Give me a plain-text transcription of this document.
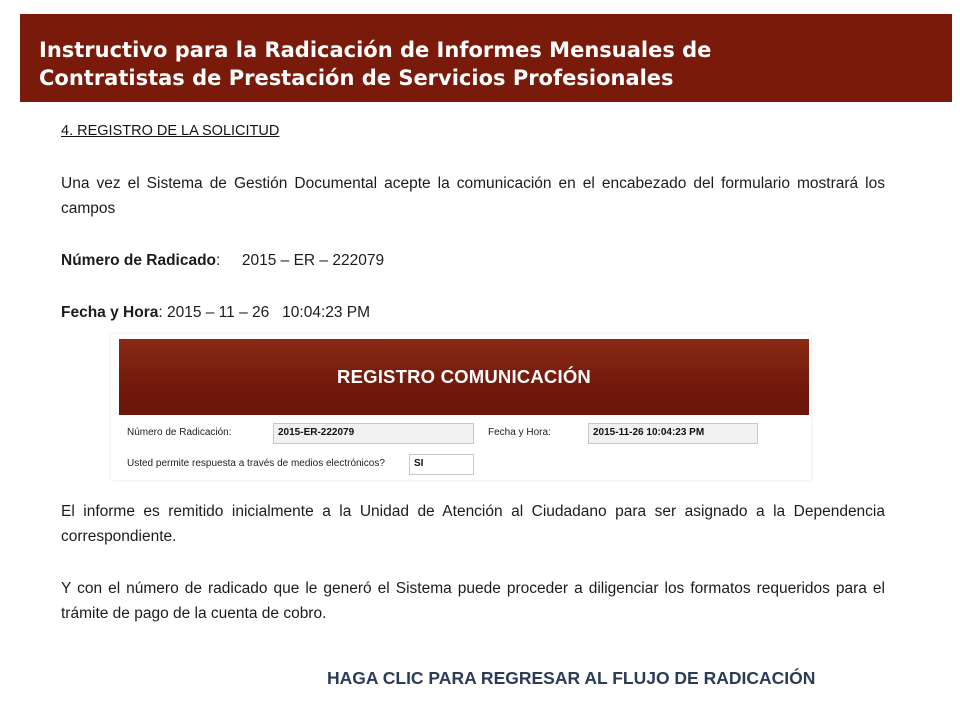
Instructivo para la Radicación de Informes Mensuales de
Contratistas de Prestación de Servicios Profesionales

4. REGISTRO DE LA SOLICITUD

Una vez el Sistema de Gestión Documental acepte la comunicación en el encabezado del formulario mostrará los campos

Número de Radicado:     2015 – ER – 222079

Fecha y Hora: 2015 – 11 – 26   10:04:23 PM

REGISTRO COMUNICACIÓN
Número de Radicación:	2015-ER-222079	Fecha y Hora:	2015-11-26 10:04:23 PM
Usted permite respuesta a través de medios electrónicos?	SI

El informe es remitido inicialmente a la Unidad de Atención al Ciudadano para ser asignado a la Dependencia correspondiente.

Y con el número de radicado que le generó el Sistema puede proceder a diligenciar los formatos requeridos para el trámite de pago de la cuenta de cobro.

HAGA CLIC PARA REGRESAR AL FLUJO DE RADICACIÓN
